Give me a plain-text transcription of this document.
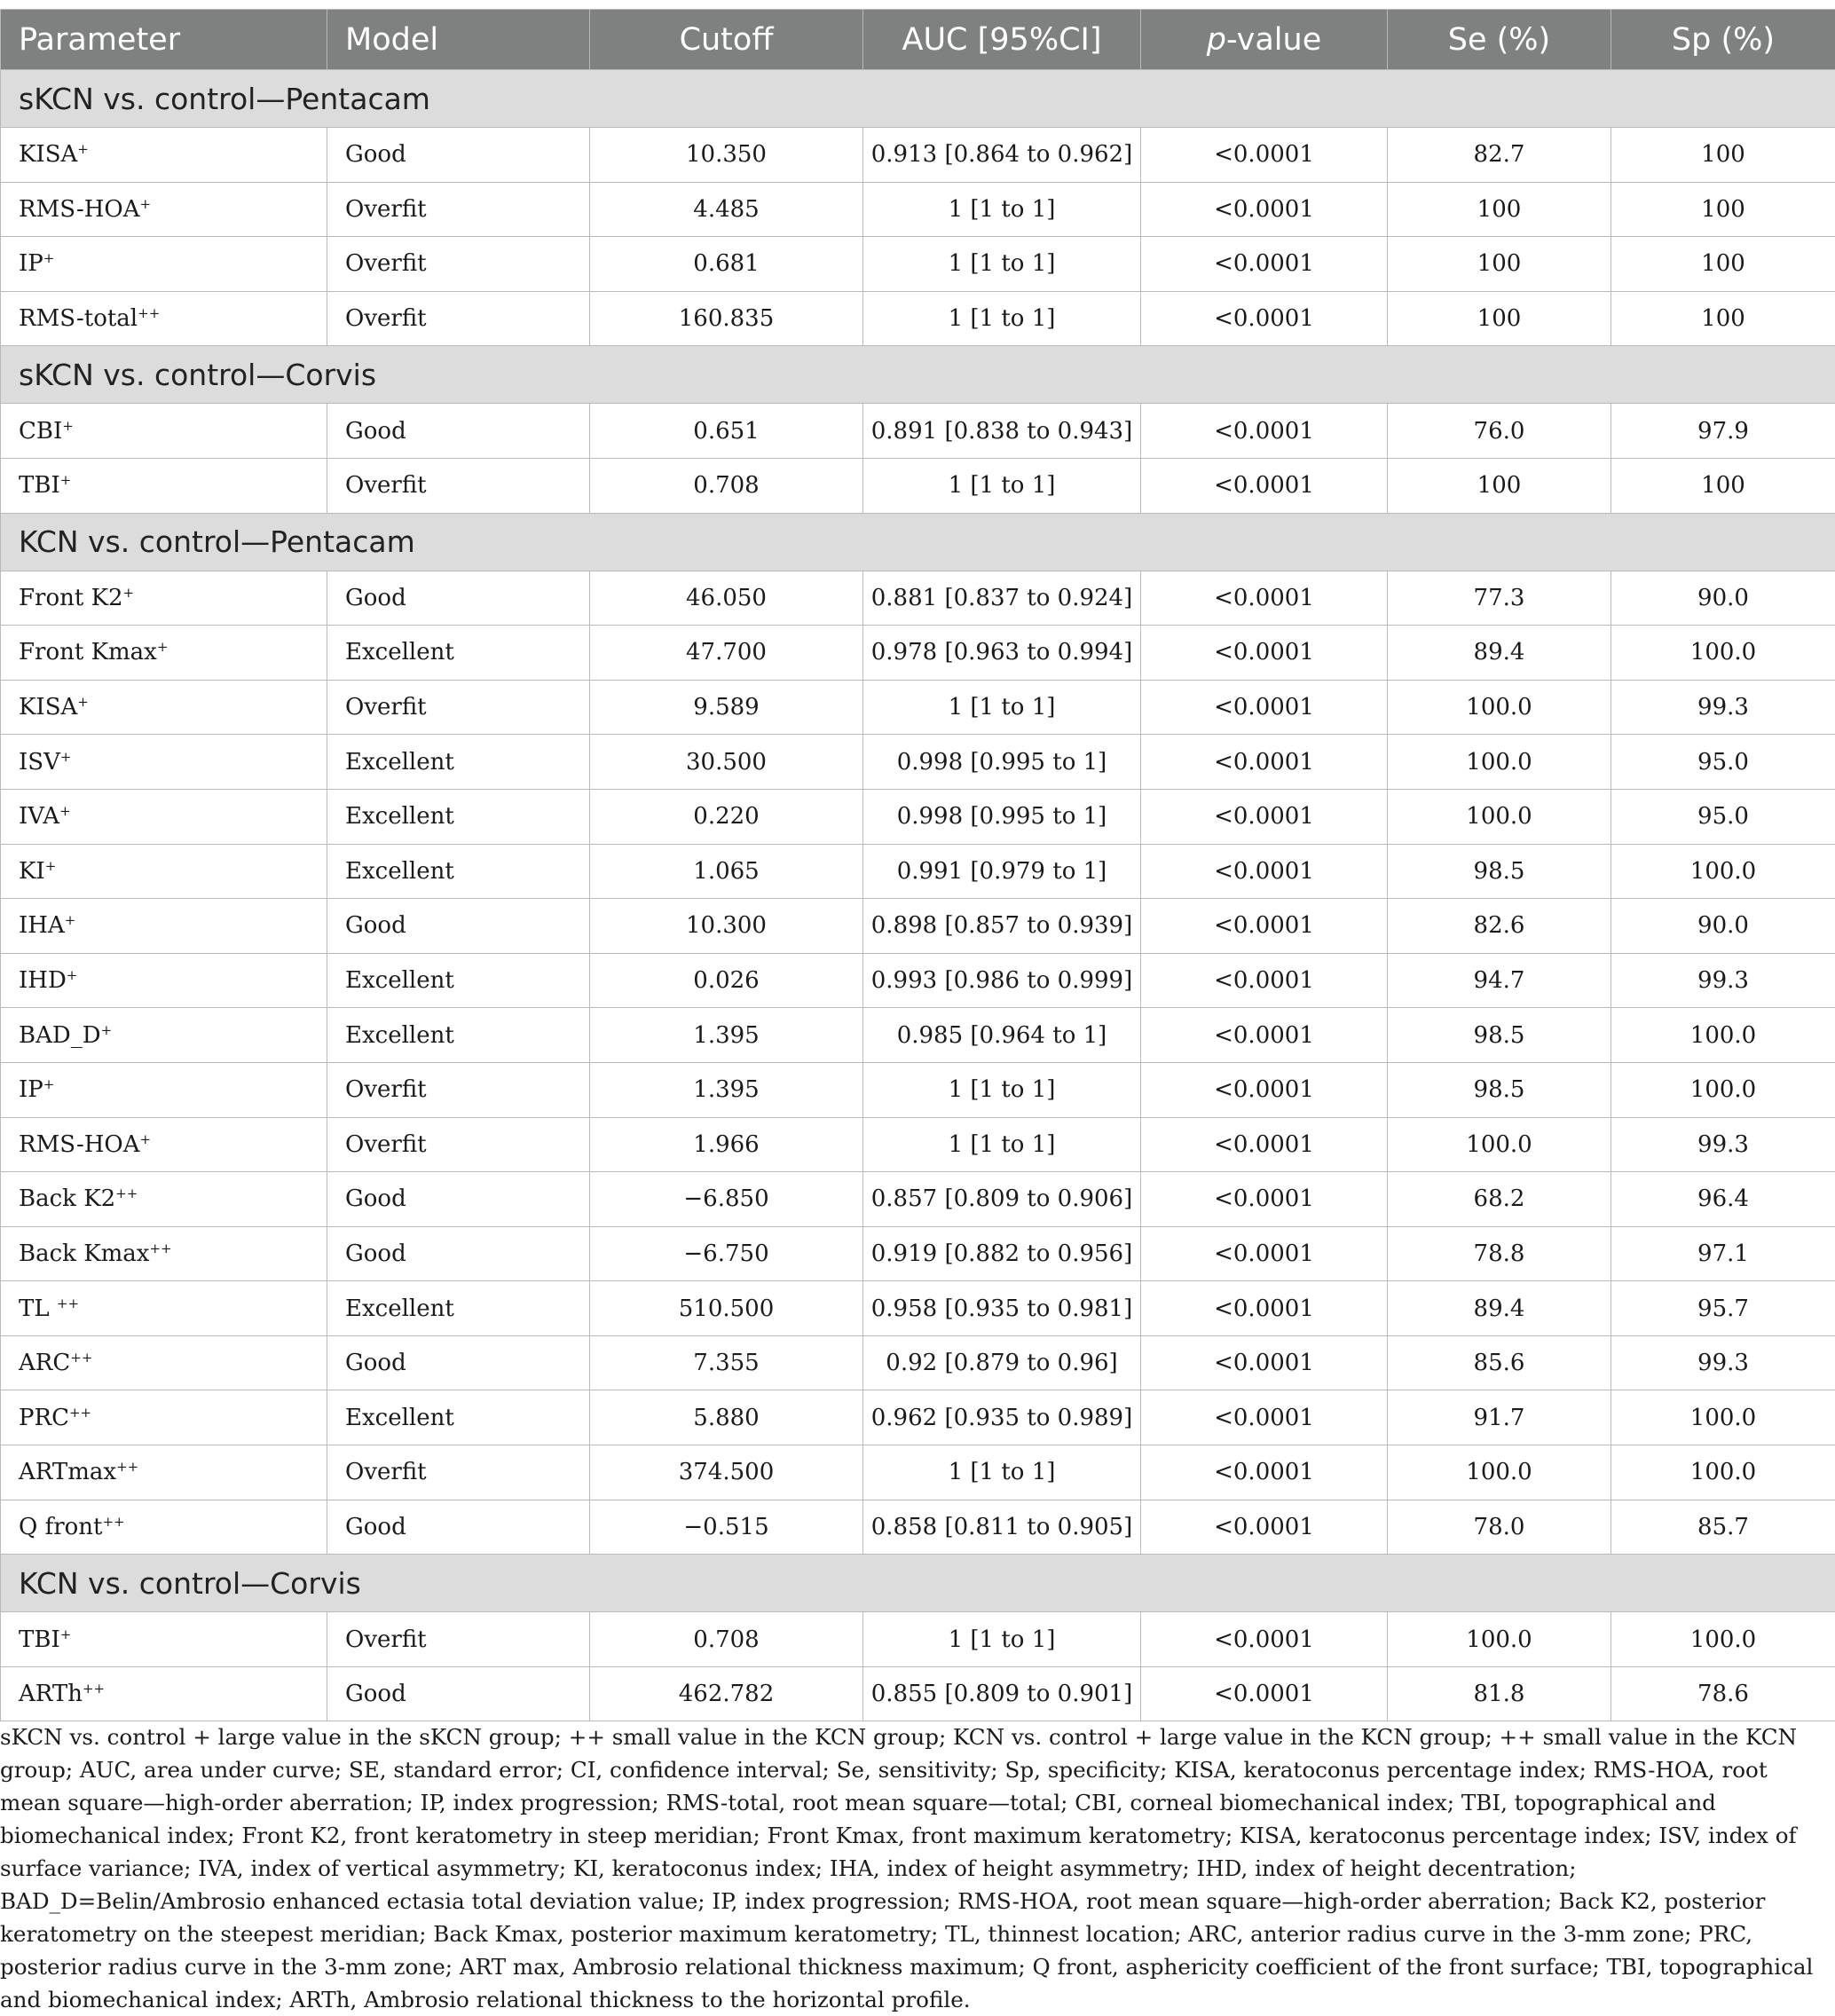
Parameter	Model	Cutoff	AUC [95%CI]	p-value	Se (%)	Sp (%)
sKCN vs. control—Pentacam						
KISA+	Good	10.350	0.913 [0.864 to 0.962]	<0.0001	82.7	100
RMS-HOA+	Overfit	4.485	1 [1 to 1]	<0.0001	100	100
IP+	Overfit	0.681	1 [1 to 1]	<0.0001	100	100
RMS-total++	Overfit	160.835	1 [1 to 1]	<0.0001	100	100
sKCN vs. control—Corvis						
CBI+	Good	0.651	0.891 [0.838 to 0.943]	<0.0001	76.0	97.9
TBI+	Overfit	0.708	1 [1 to 1]	<0.0001	100	100
KCN vs. control—Pentacam						
Front K2+	Good	46.050	0.881 [0.837 to 0.924]	<0.0001	77.3	90.0
Front Kmax+	Excellent	47.700	0.978 [0.963 to 0.994]	<0.0001	89.4	100.0
KISA+	Overfit	9.589	1 [1 to 1]	<0.0001	100.0	99.3
ISV+	Excellent	30.500	0.998 [0.995 to 1]	<0.0001	100.0	95.0
IVA+	Excellent	0.220	0.998 [0.995 to 1]	<0.0001	100.0	95.0
KI+	Excellent	1.065	0.991 [0.979 to 1]	<0.0001	98.5	100.0
IHA+	Good	10.300	0.898 [0.857 to 0.939]	<0.0001	82.6	90.0
IHD+	Excellent	0.026	0.993 [0.986 to 0.999]	<0.0001	94.7	99.3
BAD_D+	Excellent	1.395	0.985 [0.964 to 1]	<0.0001	98.5	100.0
IP+	Overfit	1.395	1 [1 to 1]	<0.0001	98.5	100.0
RMS-HOA+	Overfit	1.966	1 [1 to 1]	<0.0001	100.0	99.3
Back K2++	Good	−6.850	0.857 [0.809 to 0.906]	<0.0001	68.2	96.4
Back Kmax++	Good	−6.750	0.919 [0.882 to 0.956]	<0.0001	78.8	97.1
TL ++	Excellent	510.500	0.958 [0.935 to 0.981]	<0.0001	89.4	95.7
ARC++	Good	7.355	0.92 [0.879 to 0.96]	<0.0001	85.6	99.3
PRC++	Excellent	5.880	0.962 [0.935 to 0.989]	<0.0001	91.7	100.0
ARTmax++	Overfit	374.500	1 [1 to 1]	<0.0001	100.0	100.0
Q front++	Good	−0.515	0.858 [0.811 to 0.905]	<0.0001	78.0	85.7
KCN vs. control—Corvis						
TBI+	Overfit	0.708	1 [1 to 1]	<0.0001	100.0	100.0
ARTh++	Good	462.782	0.855 [0.809 to 0.901]	<0.0001	81.8	78.6
sKCN vs. control + large value in the sKCN group; ++ small value in the KCN group; KCN vs. control + large value in the KCN group; ++ small value in the KCN group; AUC, area under curve; SE, standard error; CI, confidence interval; Se, sensitivity; Sp, specificity; KISA, keratoconus percentage index; RMS-HOA, root mean square—high-order aberration; IP, index progression; RMS-total, root mean square—total; CBI, corneal biomechanical index; TBI, topographical and biomechanical index; Front K2, front keratometry in steep meridian; Front Kmax, front maximum keratometry; KISA, keratoconus percentage index; ISV, index of surface variance; IVA, index of vertical asymmetry; KI, keratoconus index; IHA, index of height asymmetry; IHD, index of height decentration; BAD_D=Belin/Ambrosio enhanced ectasia total deviation value; IP, index progression; RMS-HOA, root mean square—high-order aberration; Back K2, posterior keratometry on the steepest meridian; Back Kmax, posterior maximum keratometry; TL, thinnest location; ARC, anterior radius curve in the 3-mm zone; PRC, posterior radius curve in the 3-mm zone; ART max, Ambrosio relational thickness maximum; Q front, asphericity coefficient of the front surface; TBI, topographical and biomechanical index; ARTh, Ambrosio relational thickness to the horizontal profile.
